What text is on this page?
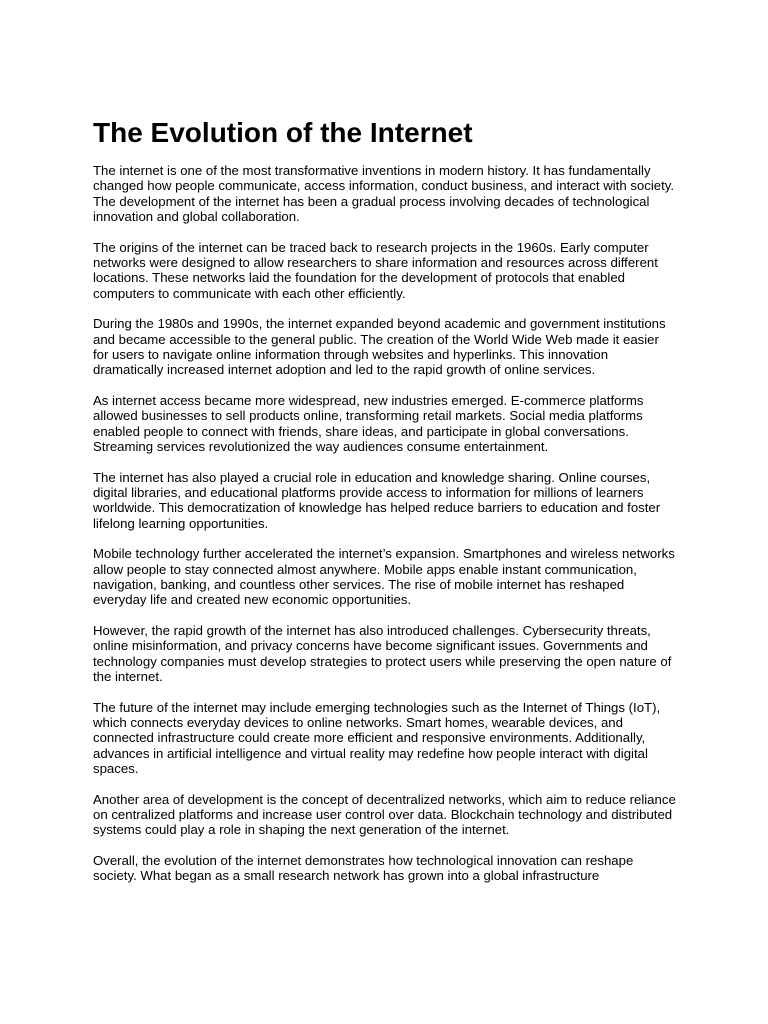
The Evolution of the Internet

The internet is one of the most transformative inventions in modern history. It has fundamentally changed how people communicate, access information, conduct business, and interact with society. The development of the internet has been a gradual process involving decades of technological innovation and global collaboration.

The origins of the internet can be traced back to research projects in the 1960s. Early computer networks were designed to allow researchers to share information and resources across different locations. These networks laid the foundation for the development of protocols that enabled computers to communicate with each other efficiently.

During the 1980s and 1990s, the internet expanded beyond academic and government institutions and became accessible to the general public. The creation of the World Wide Web made it easier for users to navigate online information through websites and hyperlinks. This innovation dramatically increased internet adoption and led to the rapid growth of online services.

As internet access became more widespread, new industries emerged. E-commerce platforms allowed businesses to sell products online, transforming retail markets. Social media platforms enabled people to connect with friends, share ideas, and participate in global conversations. Streaming services revolutionized the way audiences consume entertainment.

The internet has also played a crucial role in education and knowledge sharing. Online courses, digital libraries, and educational platforms provide access to information for millions of learners worldwide. This democratization of knowledge has helped reduce barriers to education and foster lifelong learning opportunities.

Mobile technology further accelerated the internet’s expansion. Smartphones and wireless networks allow people to stay connected almost anywhere. Mobile apps enable instant communication, navigation, banking, and countless other services. The rise of mobile internet has reshaped everyday life and created new economic opportunities.

However, the rapid growth of the internet has also introduced challenges. Cybersecurity threats, online misinformation, and privacy concerns have become significant issues. Governments and technology companies must develop strategies to protect users while preserving the open nature of the internet.

The future of the internet may include emerging technologies such as the Internet of Things (IoT), which connects everyday devices to online networks. Smart homes, wearable devices, and connected infrastructure could create more efficient and responsive environments. Additionally, advances in artificial intelligence and virtual reality may redefine how people interact with digital spaces.

Another area of development is the concept of decentralized networks, which aim to reduce reliance on centralized platforms and increase user control over data. Blockchain technology and distributed systems could play a role in shaping the next generation of the internet.

Overall, the evolution of the internet demonstrates how technological innovation can reshape society. What began as a small research network has grown into a global infrastructure
